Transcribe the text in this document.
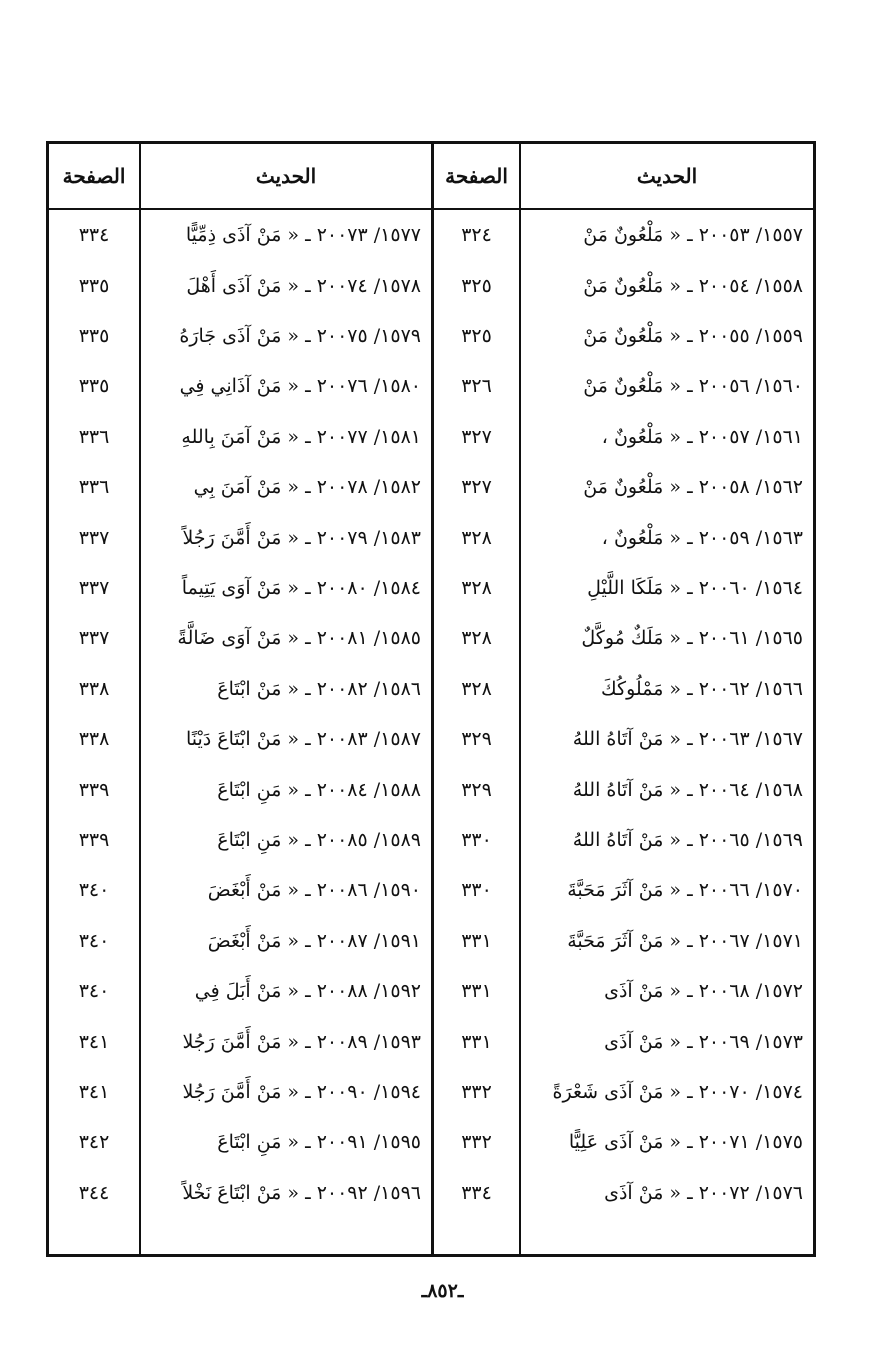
الحديث
الصفحة
الحديث
الصفحة
١٥٥٧/ ٢٠٠٥٣ ـ « مَلْعُونٌ مَنْ
٣٢٤
١٥٧٧/ ٢٠٠٧٣ ـ « مَنْ آذَى ذِمِّيًّا
٣٣٤
١٥٥٨/ ٢٠٠٥٤ ـ « مَلْعُونٌ مَنْ
٣٢٥
١٥٧٨/ ٢٠٠٧٤ ـ « مَنْ آذَى أَهْلَ
٣٣٥
١٥٥٩/ ٢٠٠٥٥ ـ « مَلْعُونٌ مَنْ
٣٢٥
١٥٧٩/ ٢٠٠٧٥ ـ « مَنْ آذَى جَارَهُ
٣٣٥
١٥٦٠/ ٢٠٠٥٦ ـ « مَلْعُونٌ مَنْ
٣٢٦
١٥٨٠/ ٢٠٠٧٦ ـ « مَنْ آذَانِي فِي
٣٣٥
١٥٦١/ ٢٠٠٥٧ ـ « مَلْعُونٌ ،
٣٢٧
١٥٨١/ ٢٠٠٧٧ ـ « مَنْ آمَنَ بِاللهِ
٣٣٦
١٥٦٢/ ٢٠٠٥٨ ـ « مَلْعُونٌ مَنْ
٣٢٧
١٥٨٢/ ٢٠٠٧٨ ـ « مَنْ آمَنَ بِي
٣٣٦
١٥٦٣/ ٢٠٠٥٩ ـ « مَلْعُونٌ ،
٣٢٨
١٥٨٣/ ٢٠٠٧٩ ـ « مَنْ أَمَّنَ رَجُلاً
٣٣٧
١٥٦٤/ ٢٠٠٦٠ ـ « مَلَكَا اللَّيْلِ
٣٢٨
١٥٨٤/ ٢٠٠٨٠ ـ « مَنْ آوَى يَتِيماً
٣٣٧
١٥٦٥/ ٢٠٠٦١ ـ « مَلَكٌ مُوكَّلٌ
٣٢٨
١٥٨٥/ ٢٠٠٨١ ـ « مَنْ آوَى ضَالَّةً
٣٣٧
١٥٦٦/ ٢٠٠٦٢ ـ « مَمْلُوكُكَ
٣٢٨
١٥٨٦/ ٢٠٠٨٢ ـ « مَنْ ابْتَاعَ
٣٣٨
١٥٦٧/ ٢٠٠٦٣ ـ « مَنْ آتَاهُ اللهُ
٣٢٩
١٥٨٧/ ٢٠٠٨٣ ـ « مَنْ ابْتَاعَ دَيْنًا
٣٣٨
١٥٦٨/ ٢٠٠٦٤ ـ « مَنْ آتَاهُ اللهُ
٣٢٩
١٥٨٨/ ٢٠٠٨٤ ـ « مَنِ ابْتَاعَ
٣٣٩
١٥٦٩/ ٢٠٠٦٥ ـ « مَنْ آتَاهُ اللهُ
٣٣٠
١٥٨٩/ ٢٠٠٨٥ ـ « مَنِ ابْتَاعَ
٣٣٩
١٥٧٠/ ٢٠٠٦٦ ـ « مَنْ آثَرَ مَحَبَّةَ
٣٣٠
١٥٩٠/ ٢٠٠٨٦ ـ « مَنْ أَبْغَضَ
٣٤٠
١٥٧١/ ٢٠٠٦٧ ـ « مَنْ آثَرَ مَحَبَّةَ
٣٣١
١٥٩١/ ٢٠٠٨٧ ـ « مَنْ أَبْغَضَ
٣٤٠
١٥٧٢/ ٢٠٠٦٨ ـ « مَنْ آذَى
٣٣١
١٥٩٢/ ٢٠٠٨٨ ـ « مَنْ أَبَلَ فِي
٣٤٠
١٥٧٣/ ٢٠٠٦٩ ـ « مَنْ آذَى
٣٣١
١٥٩٣/ ٢٠٠٨٩ ـ « مَنْ أَمَّنَ رَجُلا
٣٤١
١٥٧٤/ ٢٠٠٧٠ ـ « مَنْ آذَى شَعْرَةً
٣٣٢
١٥٩٤/ ٢٠٠٩٠ ـ « مَنْ أَمَّنَ رَجُلا
٣٤١
١٥٧٥/ ٢٠٠٧١ ـ « مَنْ آذَى عَلِيًّا
٣٣٢
١٥٩٥/ ٢٠٠٩١ ـ « مَنِ ابْتَاعَ
٣٤٢
١٥٧٦/ ٢٠٠٧٢ ـ « مَنْ آذَى
٣٣٤
١٥٩٦/ ٢٠٠٩٢ ـ « مَنْ ابْتَاعَ نَخْلاً
٣٤٤
ـ٨٥٢ـ
